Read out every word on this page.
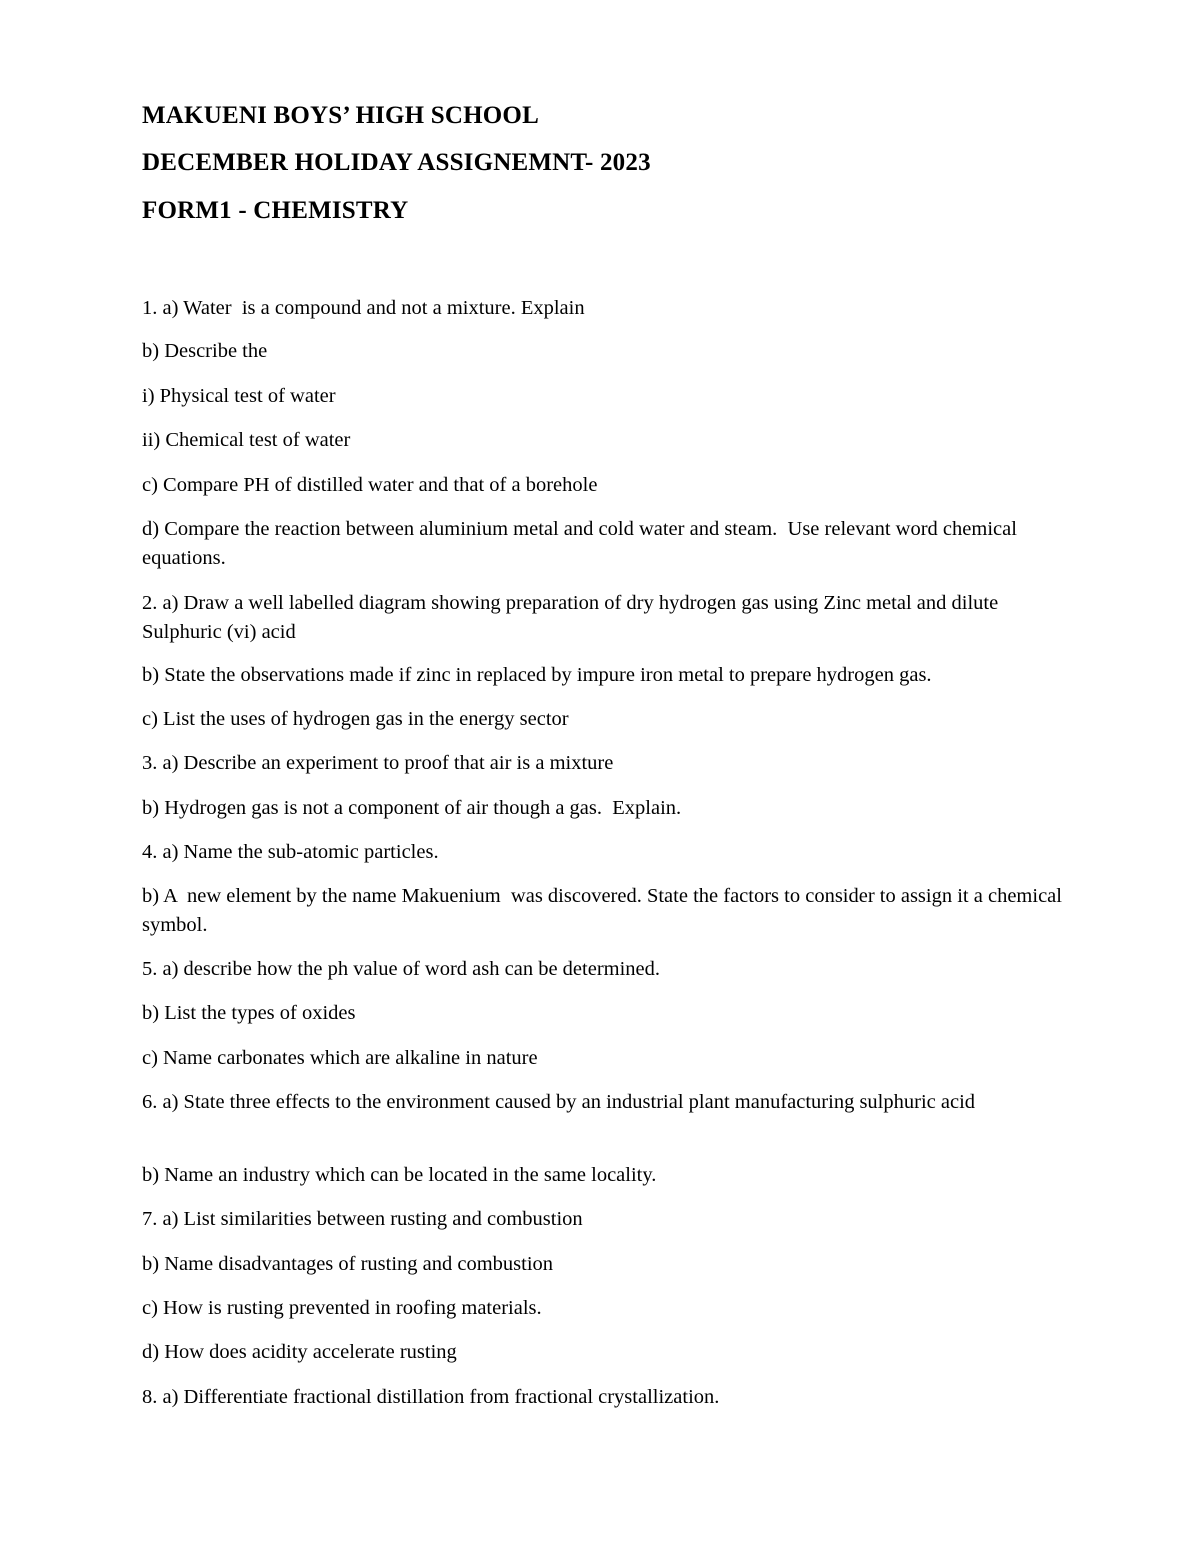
MAKUENI BOYS’ HIGH SCHOOL
DECEMBER HOLIDAY ASSIGNEMNT- 2023
FORM1 - CHEMISTRY
1. a) Water  is a compound and not a mixture. Explain
b) Describe the
i) Physical test of water
ii) Chemical test of water
c) Compare PH of distilled water and that of a borehole
d) Compare the reaction between aluminium metal and cold water and steam.  Use relevant word chemical equations.
2. a) Draw a well labelled diagram showing preparation of dry hydrogen gas using Zinc metal and dilute Sulphuric (vi) acid
b) State the observations made if zinc in replaced by impure iron metal to prepare hydrogen gas.
c) List the uses of hydrogen gas in the energy sector
3. a) Describe an experiment to proof that air is a mixture
b) Hydrogen gas is not a component of air though a gas.  Explain.
4. a) Name the sub-atomic particles.
b) A  new element by the name Makuenium  was discovered. State the factors to consider to assign it a chemical symbol.
5. a) describe how the ph value of word ash can be determined.
b) List the types of oxides
c) Name carbonates which are alkaline in nature
6. a) State three effects to the environment caused by an industrial plant manufacturing sulphuric acid
b) Name an industry which can be located in the same locality.
7. a) List similarities between rusting and combustion
b) Name disadvantages of rusting and combustion
c) How is rusting prevented in roofing materials.
d) How does acidity accelerate rusting
8. a) Differentiate fractional distillation from fractional crystallization.
